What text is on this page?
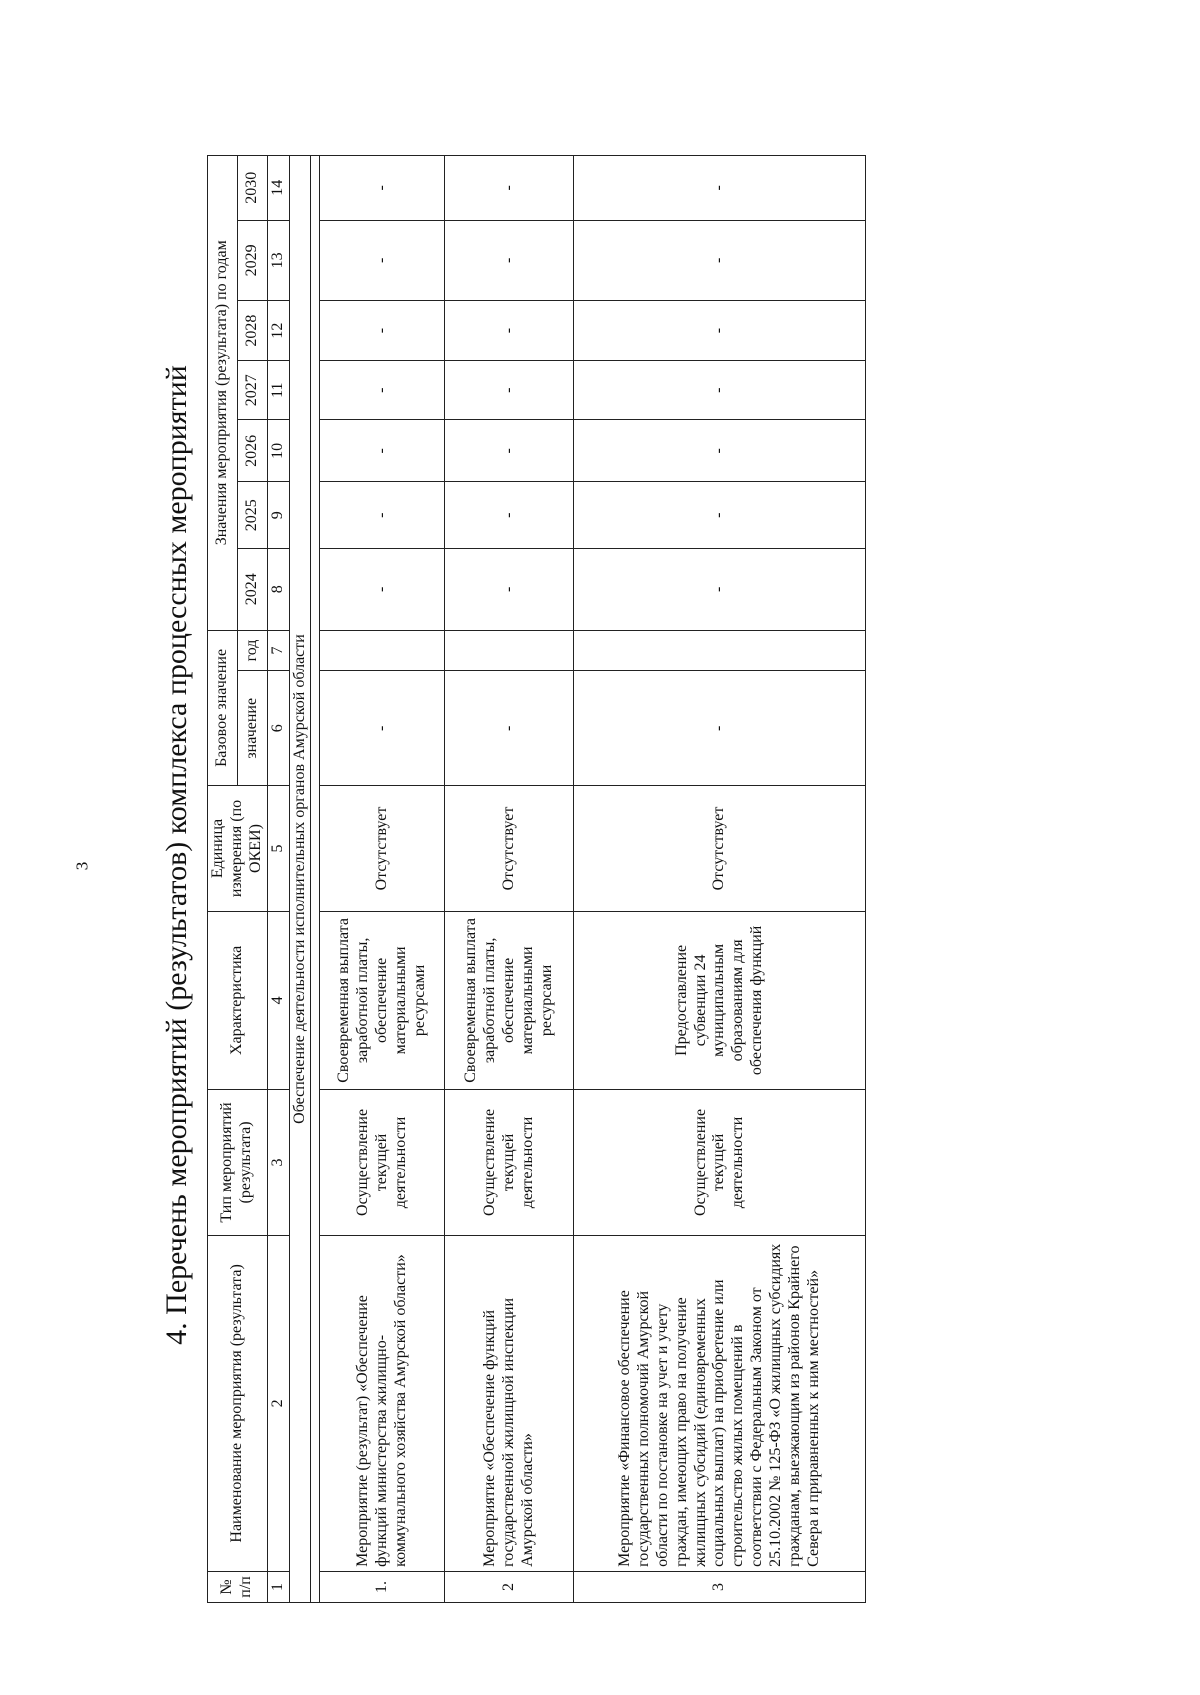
3 4. Перечень мероприятий (результатов) комплекса процессных мероприятий
№ п/п	Наименование мероприятия (результата)	Тип мероприятий (результата)	Характеристика	Единица измерения (по ОКЕИ)	Базовое значение		Значения мероприятия (результата) по годам						
					значение	год	2024	2025	2026	2027	2028	2029	2030
1	2	3	4	5	6	7	8	9	10	11	12	13	14
Обеспечение деятельности исполнительных органов Амурской области													

1.	Мероприятие (результат) «Обеспечение функций министерства жилищно-коммунального хозяйства Амурской области»	Осуществление текущей деятельности	Своевременная выплата заработной платы, обеспечение материальными ресурсами	Отсутствует	-		-	-	-	-	-	-	-
2	Мероприятие «Обеспечение функций государственной жилищной инспекции Амурской области»	Осуществление текущей деятельности	Своевременная выплата заработной платы, обеспечение материальными ресурсами	Отсутствует	-		-	-	-	-	-	-	-
3	Мероприятие «Финансовое обеспечение государственных полномочий Амурской области по постановке на учет и учету граждан, имеющих право на получение жилищных субсидий (единовременных социальных выплат) на приобретение или строительство жилых помещений в соответствии с Федеральным Законом от 25.10.2002 № 125-ФЗ «О жилищных субсидиях гражданам, выезжающим из районов Крайнего Севера и приравненных к ним местностей»	Осуществление текущей деятельности	Предоставление субвенции 24 муниципальным образованиям для обеспечения функций	Отсутствует	-		-	-	-	-	-	-	-
